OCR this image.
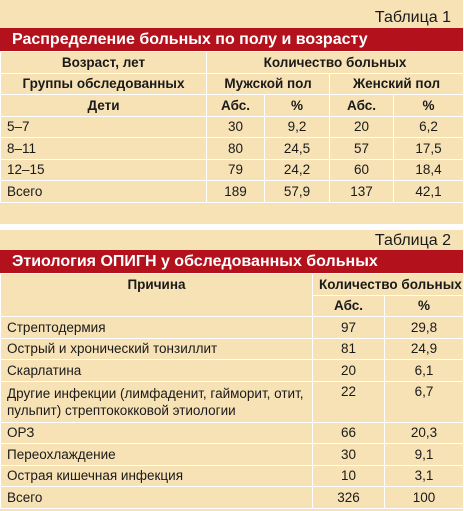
Таблица 1
Распределение больных по полу и возрасту
Возраст, лет	Количество больных			
Группы обследованных	Мужской пол		Женский пол	
Дети	Абс.	%	Абс.	%
5–7	30	9,2	20	6,2
8–11	80	24,5	57	17,5
12–15	79	24,2	60	18,4
Всего	189	57,9	137	42,1
Таблица 2
Этиология ОПИГН у обследованных больных
Причина	Количество больных	
	Абс.	%
Стрептодермия	97	29,8
Острый и хронический тонзиллит	81	24,9
Скарлатина	20	6,1
Другие инфекции (лимфаденит, гайморит, отит, пульпит) стрептококковой этиологии	22	6,7
ОРЗ	66	20,3
Переохлаждение	30	9,1
Острая кишечная инфекция	10	3,1
Всего	326	100
